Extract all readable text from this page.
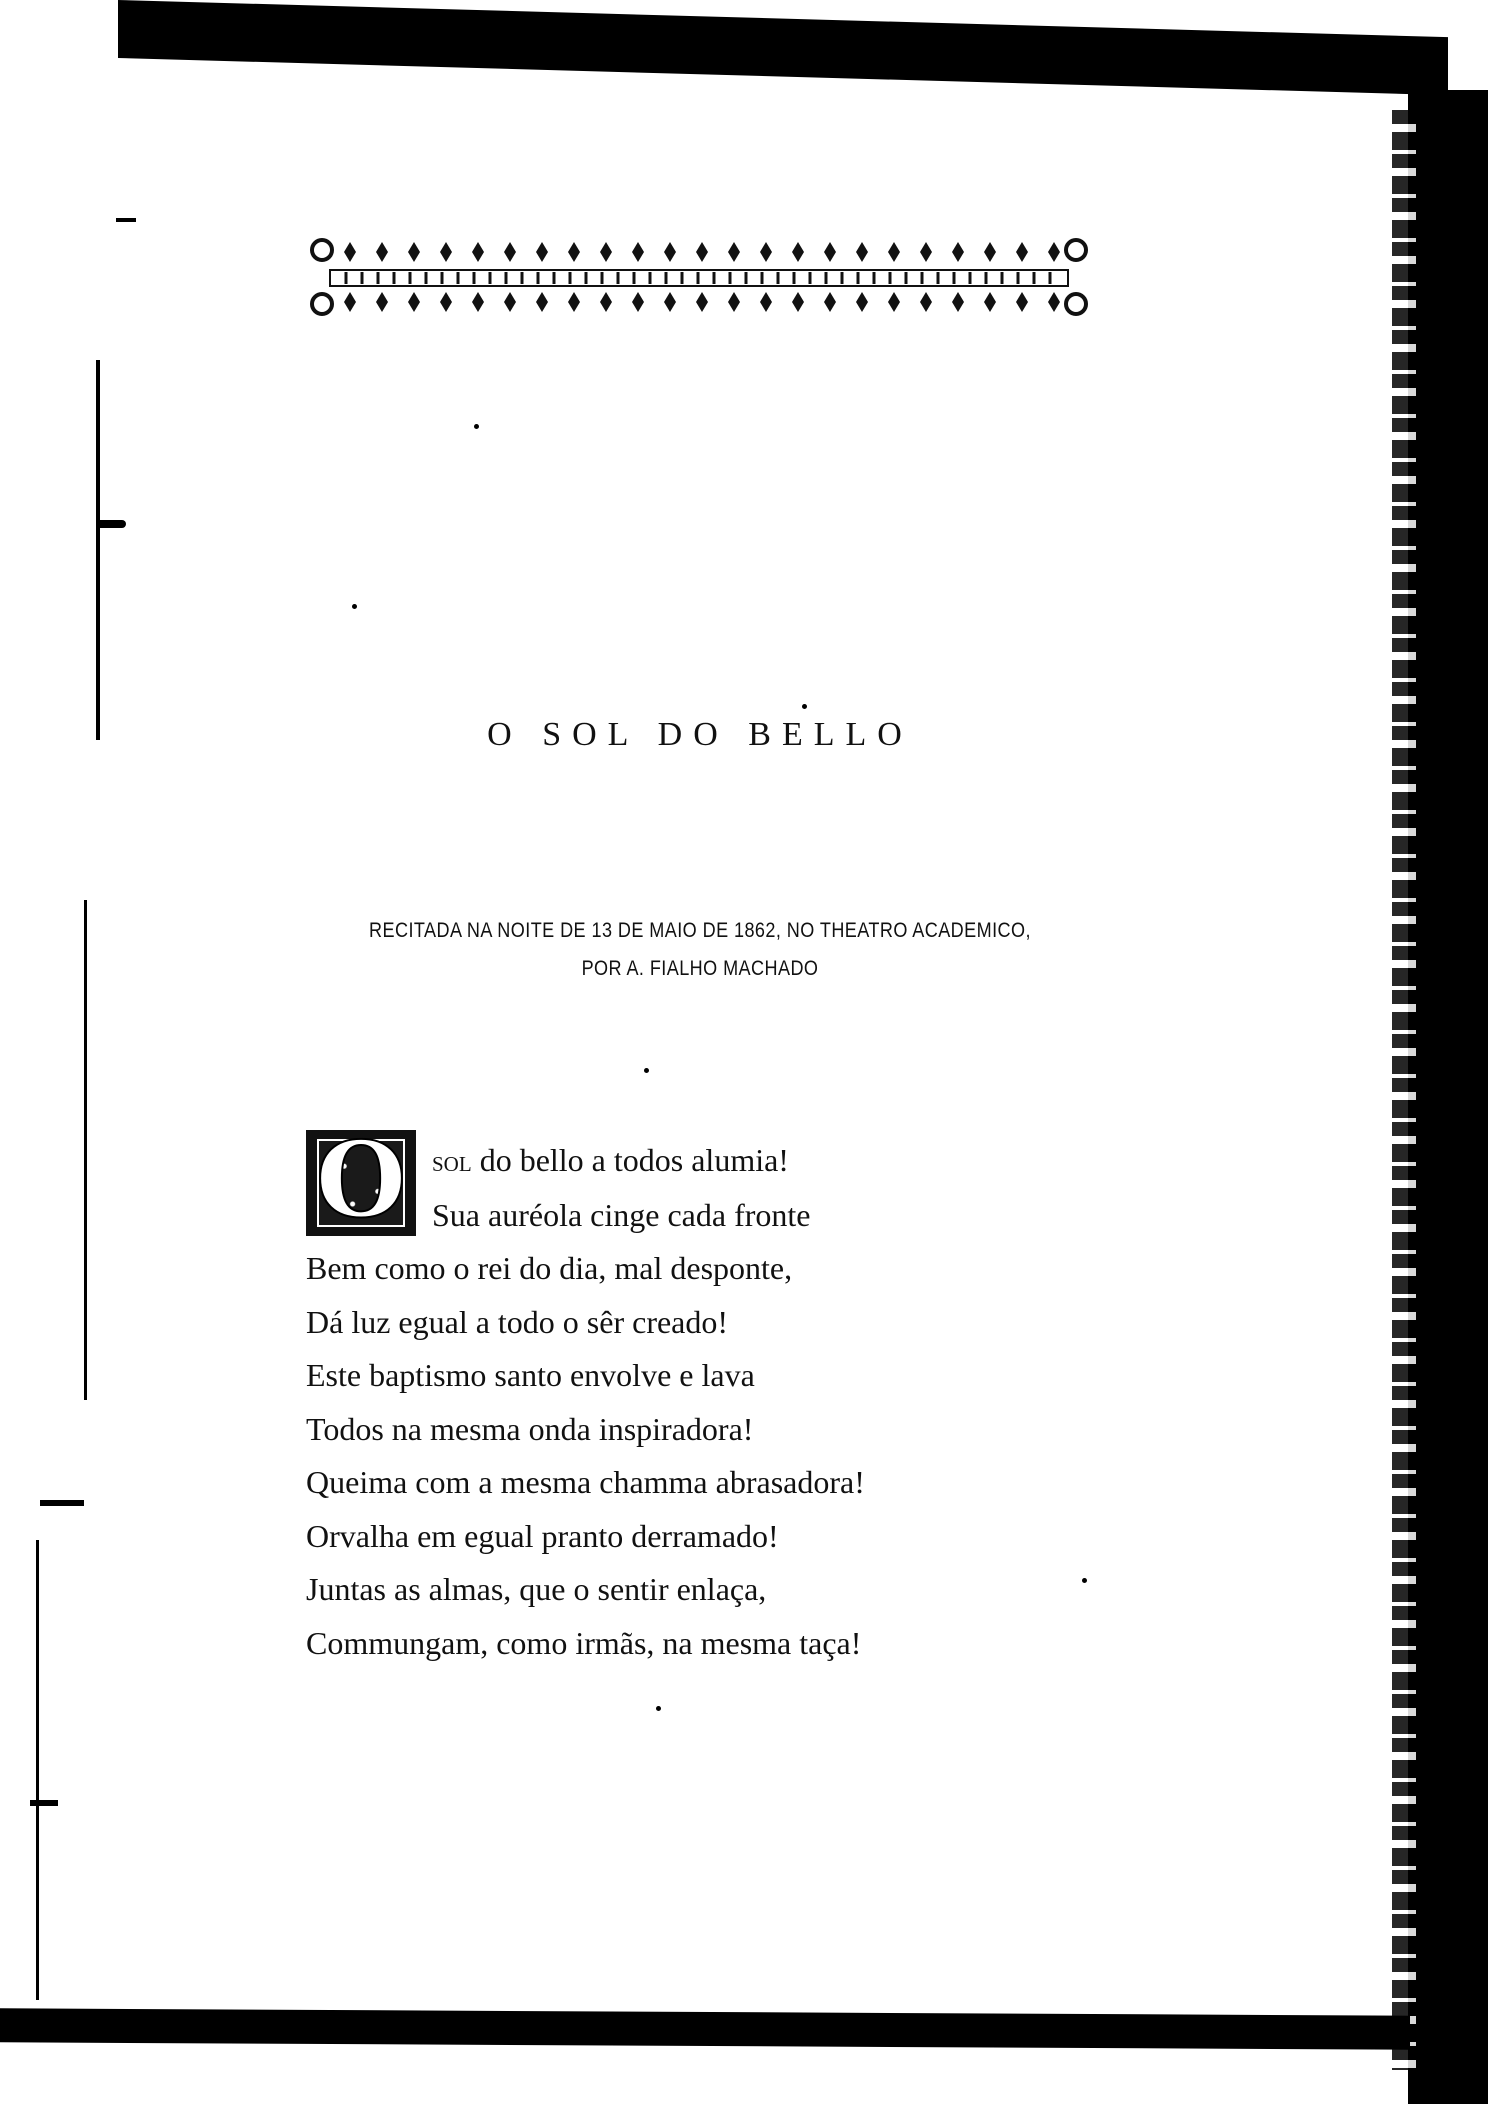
O SOL DO BELLO
RECITADA NA NOITE DE 13 DE MAIO DE 1862, NO THEATRO ACADEMICO,
POR A. FIALHO MACHADO
O sol do bello a todos alumia!
Sua auréola cinge cada fronte
Bem como o rei do dia, mal desponte,
Dá luz egual a todo o sêr creado!
Este baptismo santo envolve e lava
Todos na mesma onda inspiradora!
Queima com a mesma chamma abrasadora!
Orvalha em egual pranto derramado!
Juntas as almas, que o sentir enlaça,
Commungam, como irmãs, na mesma taça!
